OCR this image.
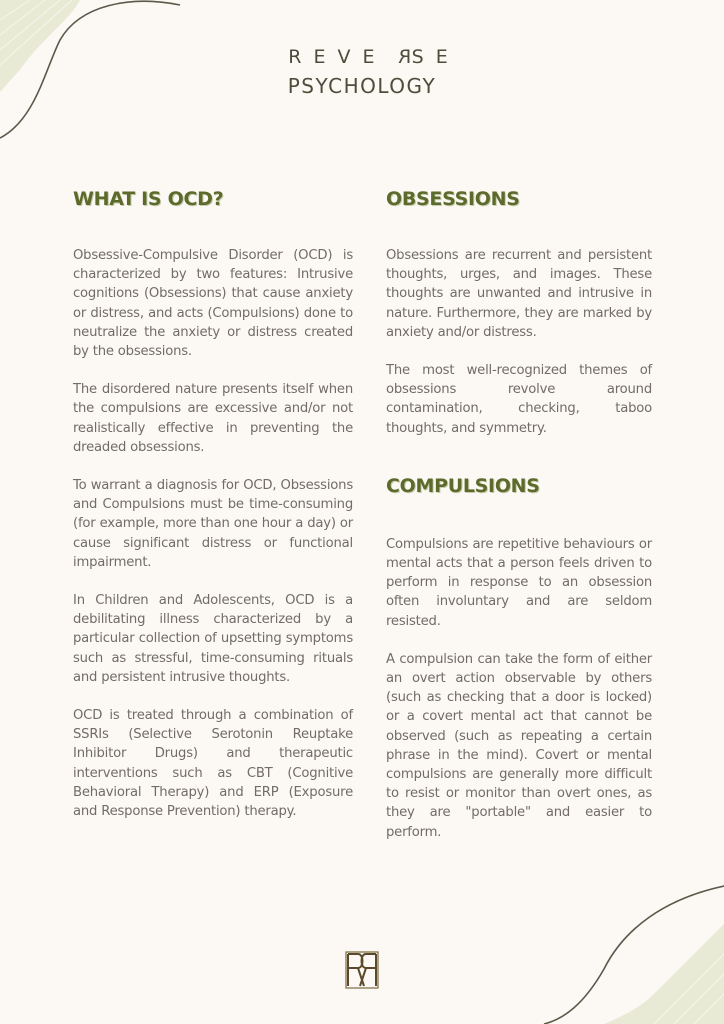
REVERSE
PSYCHOLOGY
WHAT IS OCD?

Obsessive-Compulsive Disorder (OCD) is characterized by two features: Intrusive cognitions (Obsessions) that cause anxiety or distress, and acts (Compulsions) done to neutralize the anxiety or distress created by the obsessions.

The disordered nature presents itself when the compulsions are excessive and/or not realistically effective in preventing the dreaded obsessions.

To warrant a diagnosis for OCD, Obsessions and Compulsions must be time-consuming (for example, more than one hour a day) or cause significant distress or functional impairment.

In Children and Adolescents, OCD is a debilitating illness characterized by a particular collection of upsetting symptoms such as stressful, time-consuming rituals and persistent intrusive thoughts.

OCD is treated through a combination of SSRIs (Selective Serotonin Reuptake Inhibitor Drugs) and therapeutic interventions such as CBT (Cognitive Behavioral Therapy) and ERP (Exposure and Response Prevention) therapy.

OBSESSIONS

Obsessions are recurrent and persistent thoughts, urges, and images. These thoughts are unwanted and intrusive in nature. Furthermore, they are marked by anxiety and/or distress.

The most well-recognized themes of obsessions revolve around contamination, checking, taboo thoughts, and symmetry.

COMPULSIONS

Compulsions are repetitive behaviours or mental acts that a person feels driven to perform in response to an obsession often involuntary and are seldom resisted.

A compulsion can take the form of either an overt action observable by others (such as checking that a door is locked) or a covert mental act that cannot be observed (such as repeating a certain phrase in the mind). Covert or mental compulsions are generally more difficult to resist or monitor than overt ones, as they are "portable" and easier to perform.
